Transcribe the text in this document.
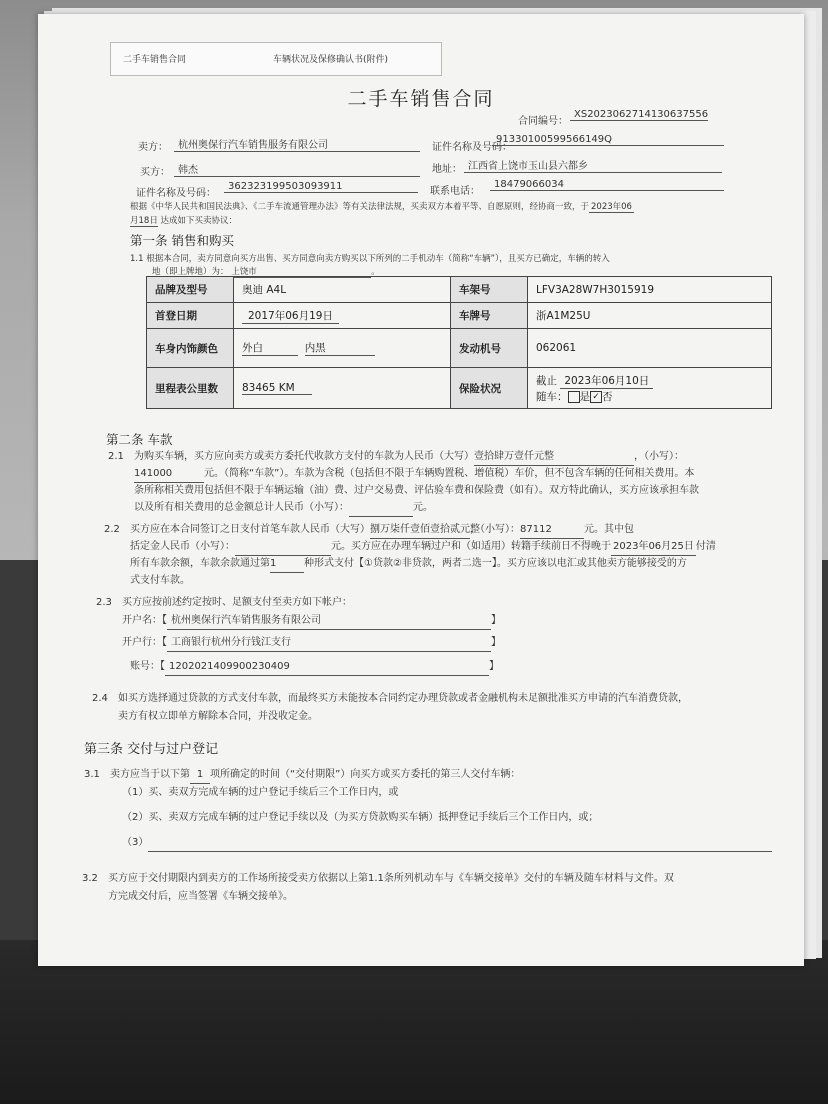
二手车销售合同	车辆状况及保修确认书(附件)
二手车销售合同
合同编号：
XS202306271413063755​6
卖方：	杭州奥保行汽车销售服务有限公司	证件名称及号码：
91330100599566149Q
买方： 韩杰	地址： 江西省上饶市玉山县六都乡
证件名称及号码：
362323199503093911	联系电话：
18479066034
根据《中华人民共和国民法典》、《二手车流通管理办法》等有关法律法规，买卖双方本着平等、自愿原则，经协商一致，于 2023年06
月18日 达成如下买卖协议：
第一条 销售和购买
1.1 根据本合同，卖方同意向买方出售、买方同意向卖方购买以下所列的二手机动车（简称“车辆”），且买方已确定，车辆的转入
地（即上牌地）为： 上饶市	。
品牌及型号	奥迪 A4L	车架号	LFV3A28W7H3015919
首登日期	2017年06月19日	车牌号	浙A1M25U
车身内饰颜色	外白 内黑	发动机号	062061
里程表公里数	83465 KM	保险状况	截止 2023年06月10日
随车： 是 ✓ 否
第二条 车款
2.1 为购买车辆，买方应向卖方或卖方委托代收款方支付的车款为人民币（大写）壹拾肆万壹仟元整	，（小写）：
141000	元。（简称“车款”）。车款为含税（包括但不限于车辆购置税、增值税）车价，但不包含车辆的任何相关费用。本
条所称相关费用包括但不限于车辆运输（油）费、过户交易费、评估验车费和保险费（如有）。双方特此确认，买方应该承担车款
以及所有相关费用的总金额总计人民币（小写）：	元。
2.2 买方应在本合同签订之日支付首笔车款人民币（大写）捌万柒仟壹佰壹拾贰元整，（小写）：87112	元。其中包
括定金人民币（小写）：	元。买方应在办理车辆过户和（如适用）转籍手续前日不得晚于 2023年06月25日 付清
所有车款余额，车款余款通过第1	种形式支付【①贷款②非贷款，两者二选一】。买方应该以电汇或其他卖方能够接受的方
式支付车款。
2.3 买方应按前述约定按时、足额支付至卖方如下帐户：
开户名：【 杭州奥保行汽车销售服务有限公司	】
开户行：【 工商银行杭州分行钱江支行	】
账号：【 1202021409900230409	】
2.4 如买方选择通过贷款的方式支付车款，而最终买方未能按本合同约定办理贷款或者金融机构未足额批准买方申请的汽车消费贷款，
卖方有权立即单方解除本合同，并没收定金。
第三条 交付与过户登记
3.1 卖方应当于以下第 1 项所确定的时间（“交付期限”）向买方或买方委托的第三人交付车辆：
（1）买、卖双方完成车辆的过户登记手续后三个工作日内，或
（2）买、卖双方完成车辆的过户登记手续以及（为买方贷款购买车辆）抵押登记手续后三个工作日内，或；
（3）
3.2 买方应于交付期限内到卖方的工作场所接受卖方依据以上第1.1条所列机动车与《车辆交接单》交付的车辆及随车材料与文件。双
方完成交付后，应当签署《车辆交接单》。
